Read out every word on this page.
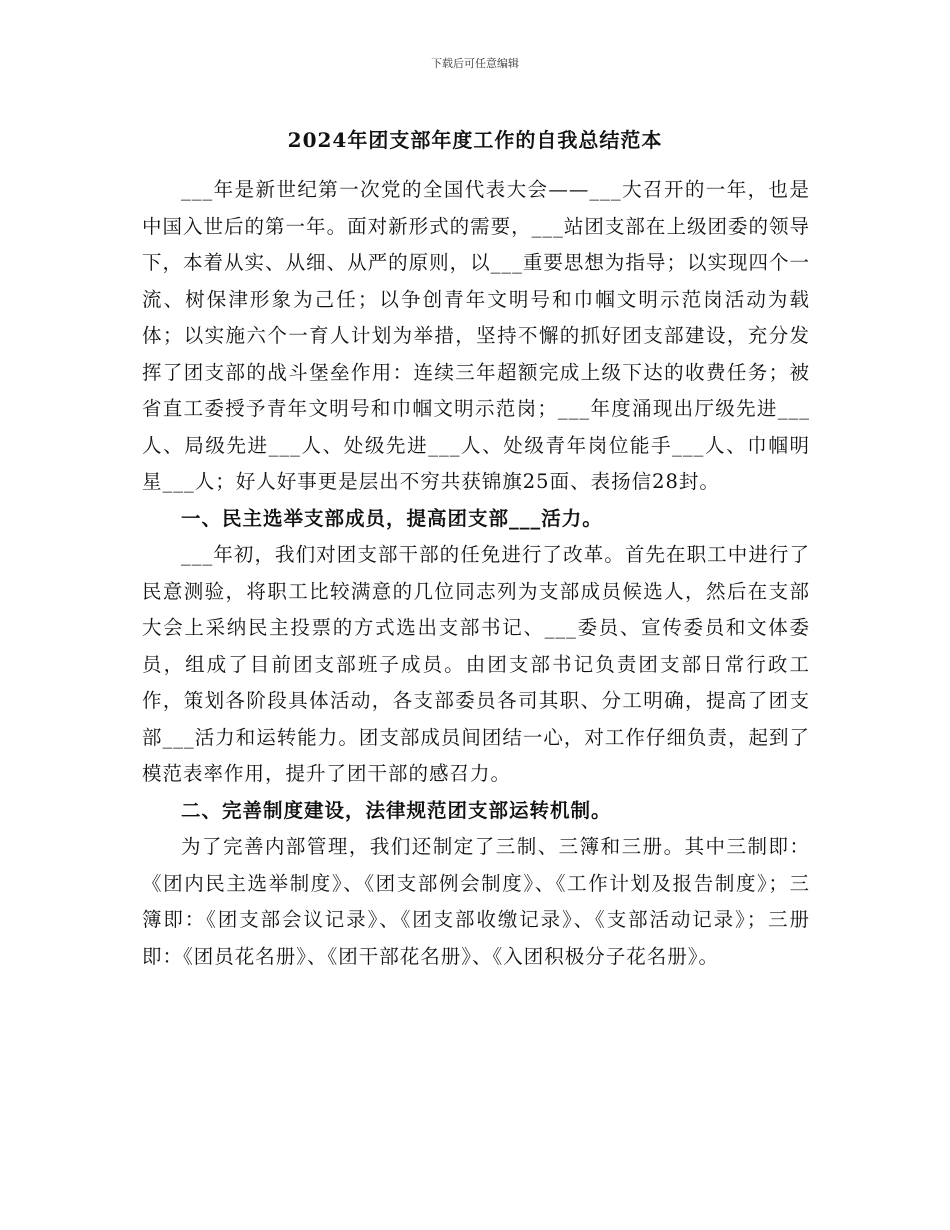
下载后可任意编辑
2024年团支部年度工作的自我总结范本

___年是新世纪第一次党的全国代表大会——___大召开的一年，也是中国入世后的第一年。面对新形式的需要，___站团支部在上级团委的领导下，本着从实、从细、从严的原则，以___重要思想为指导；以实现四个一流、树保津形象为己任；以争创青年文明号和巾帼文明示范岗活动为载体；以实施六个一育人计划为举措，坚持不懈的抓好团支部建设，充分发挥了团支部的战斗堡垒作用：连续三年超额完成上级下达的收费任务；被省直工委授予青年文明号和巾帼文明示范岗；___年度涌现出厅级先进___人、局级先进___人、处级先进___人、处级青年岗位能手___人、巾帼明星___人；好人好事更是层出不穷共获锦旗25面、表扬信28封。

一、民主选举支部成员，提高团支部___活力。

___年初，我们对团支部干部的任免进行了改革。首先在职工中进行了民意测验，将职工比较满意的几位同志列为支部成员候选人，然后在支部大会上采纳民主投票的方式选出支部书记、___委员、宣传委员和文体委员，组成了目前团支部班子成员。由团支部书记负责团支部日常行政工作，策划各阶段具体活动，各支部委员各司其职、分工明确，提高了团支部___活力和运转能力。团支部成员间团结一心，对工作仔细负责，起到了模范表率作用，提升了团干部的感召力。

二、完善制度建设，法律规范团支部运转机制。

为了完善内部管理，我们还制定了三制、三簿和三册。其中三制即：《团内民主选举制度》、《团支部例会制度》、《工作计划及报告制度》；三簿即：《团支部会议记录》、《团支部收缴记录》、《支部活动记录》；三册即：《团员花名册》、《团干部花名册》、《入团积极分子花名册》。
